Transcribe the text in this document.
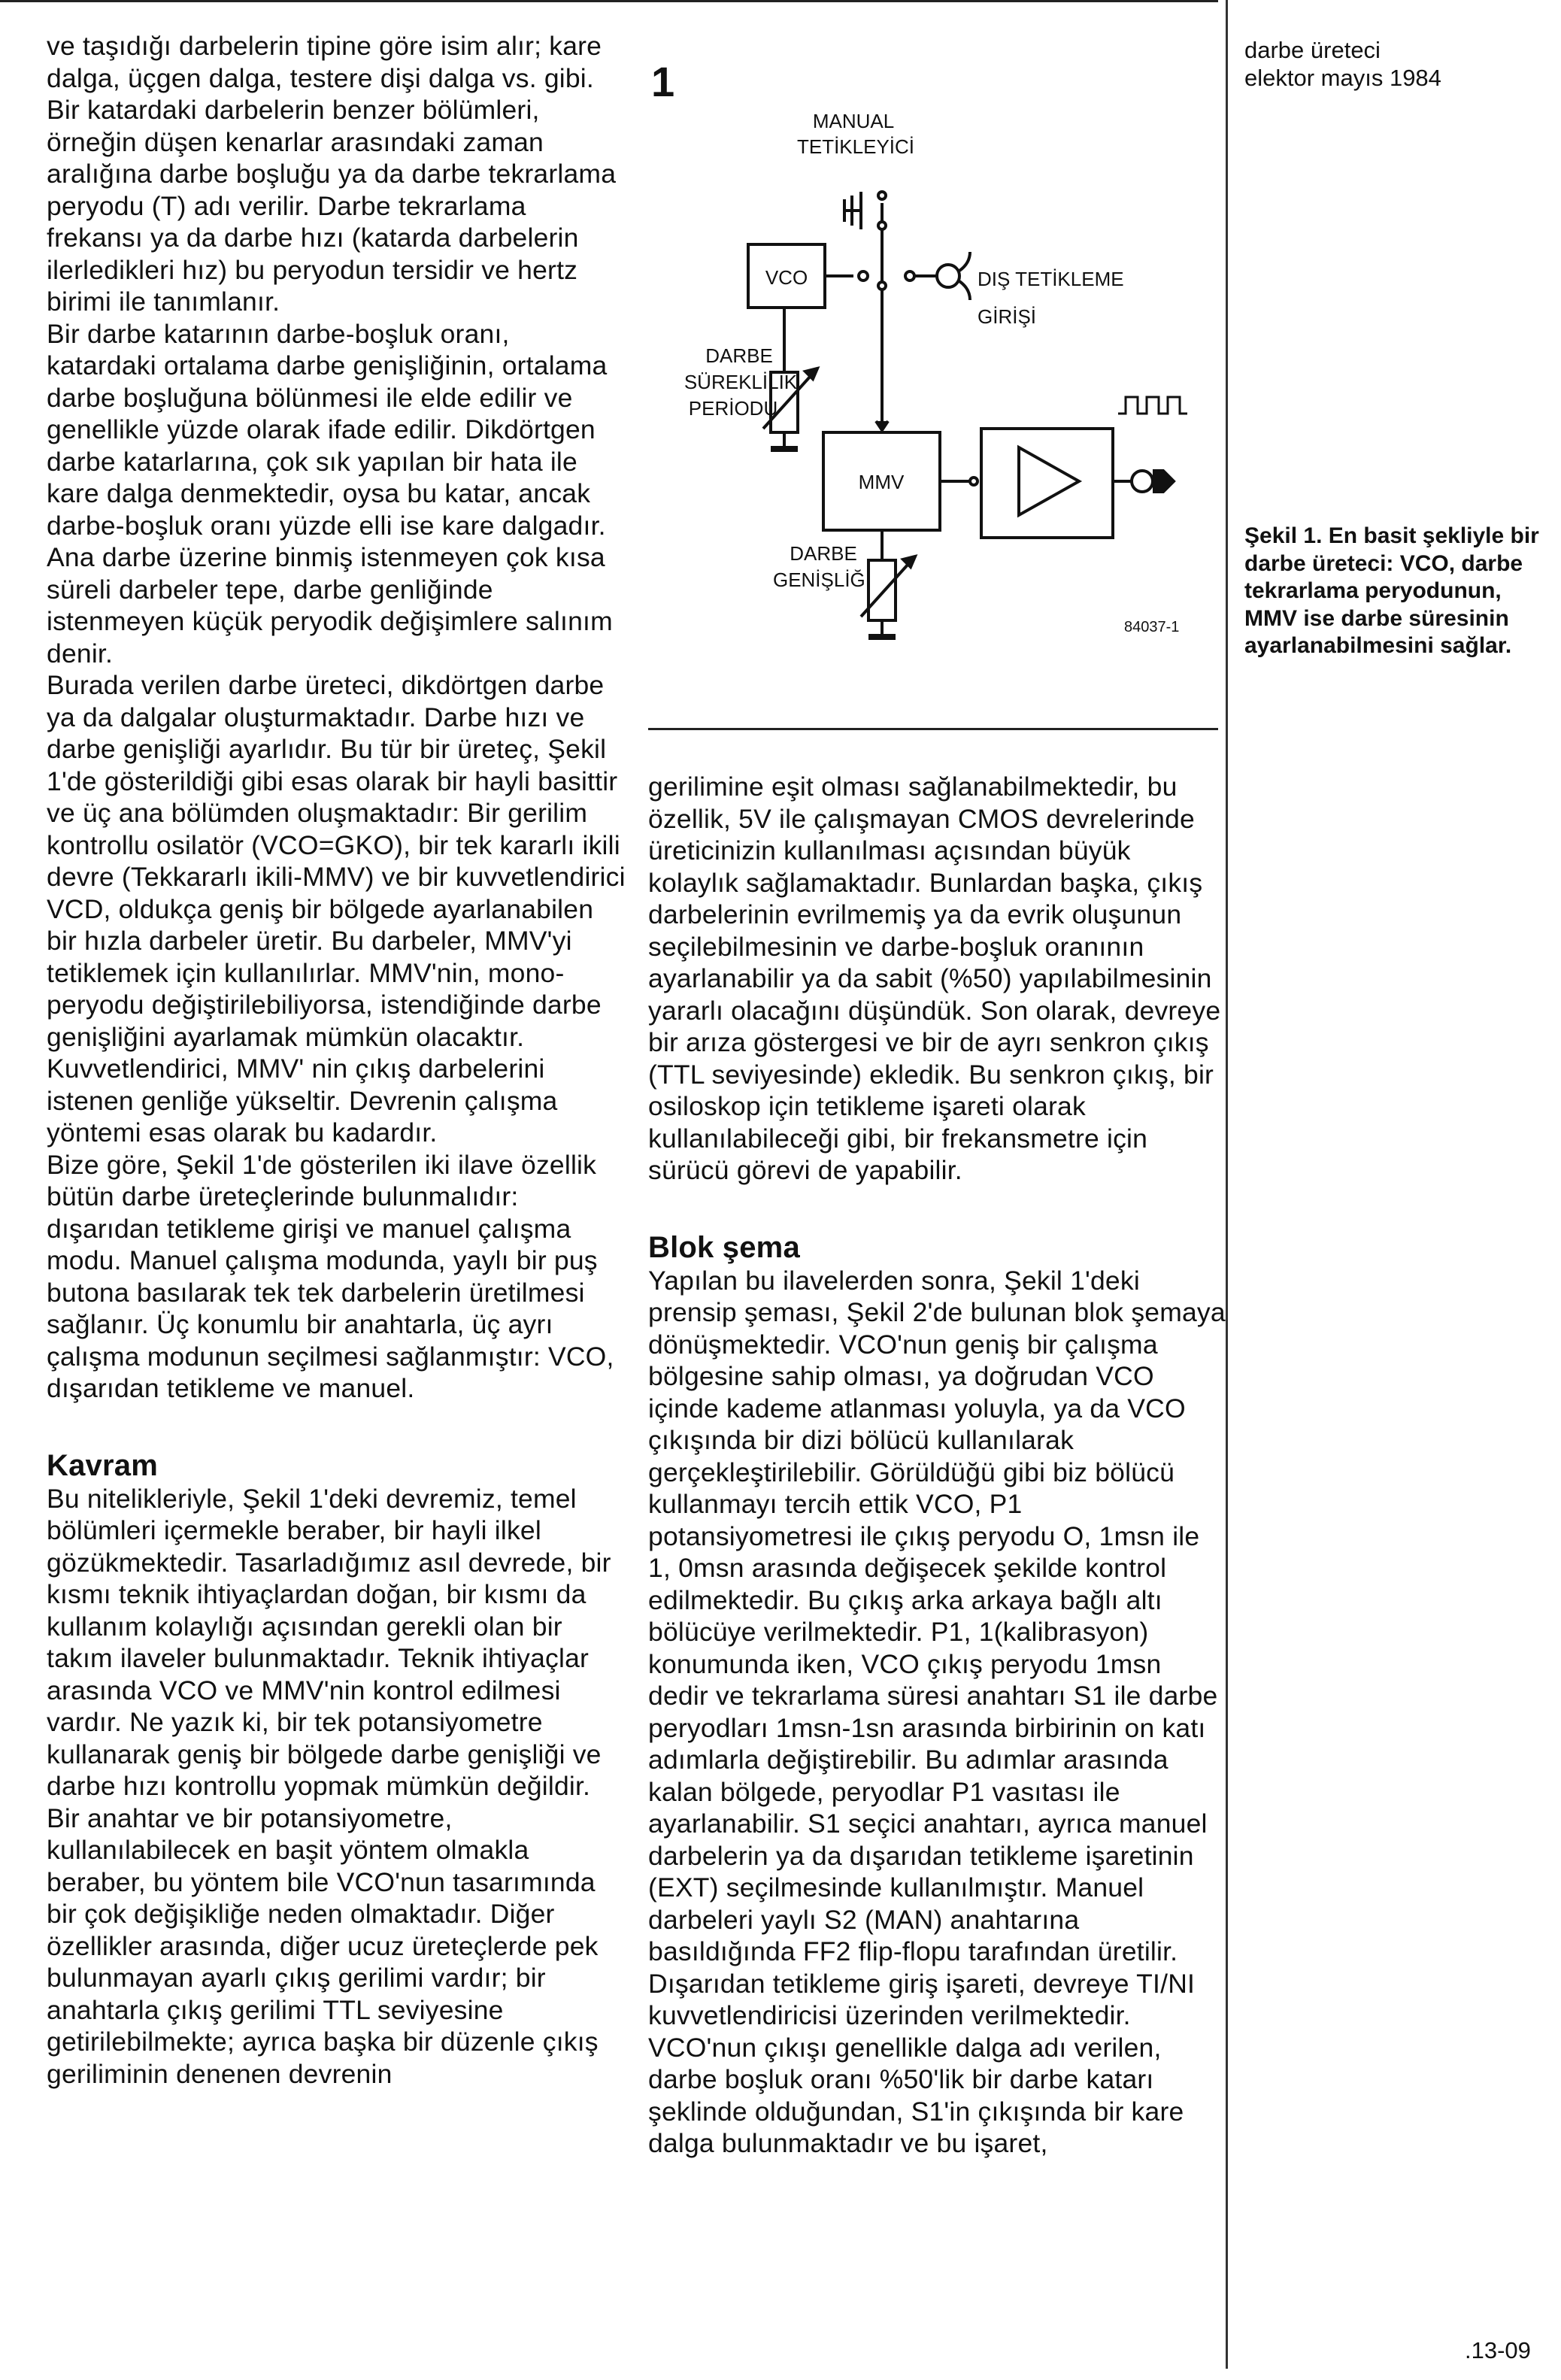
ve taşıdığı darbelerin tipine göre isim alır; kare dalga, üçgen dalga, testere dişi dalga vs. gibi. Bir katardaki darbelerin benzer bölümleri, örneğin düşen kenarlar arasındaki zaman aralığına darbe boşluğu ya da darbe tekrarlama peryodu (T) adı verilir. Darbe tekrarlama frekansı ya da darbe hızı (katarda darbelerin ilerledikleri hız) bu peryodun tersidir ve hertz birimi ile tanımlanır.

Bir darbe katarının darbe-boşluk oranı, katardaki ortalama darbe genişliğinin, ortalama darbe boşluğuna bölünmesi ile elde edilir ve genellikle yüzde olarak ifade edilir. Dikdörtgen darbe katarlarına, çok sık yapılan bir hata ile kare dalga denmektedir, oysa bu katar, ancak darbe-boşluk oranı yüzde elli ise kare dalgadır. Ana darbe üzerine binmiş istenmeyen çok kısa süreli darbeler tepe, darbe genliğinde istenmeyen küçük peryodik değişimlere salınım denir.

Burada verilen darbe üreteci, dikdörtgen darbe ya da dalgalar oluşturmaktadır. Darbe hızı ve darbe genişliği ayarlıdır. Bu tür bir üreteç, Şekil 1'de gösterildiği gibi esas olarak bir hayli basittir ve üç ana bölümden oluşmaktadır: Bir gerilim kontrollu osilatör (VCO=GKO), bir tek kararlı ikili devre (Tekkararlı ikili-MMV) ve bir kuvvetlendirici VCD, oldukça geniş bir bölgede ayarlanabilen bir hızla darbeler üretir. Bu darbeler, MMV'yi tetiklemek için kullanılırlar. MMV'nin, mono-peryodu değiştirilebiliyorsa, istendiğinde darbe genişliğini ayarlamak mümkün olacaktır. Kuvvetlendirici, MMV' nin çıkış darbelerini istenen genliğe yükseltir. Devrenin çalışma yöntemi esas olarak bu kadardır.

Bize göre, Şekil 1'de gösterilen iki ilave özellik bütün darbe üreteçlerinde bulunmalıdır: dışarıdan tetikleme girişi ve manuel çalışma modu. Manuel çalışma modunda, yaylı bir puş butona basılarak tek tek darbelerin üretilmesi sağlanır. Üç konumlu bir anahtarla, üç ayrı çalışma modunun seçilmesi sağlanmıştır: VCO, dışarıdan tetikleme ve manuel.

Kavram

Bu nitelikleriyle, Şekil 1'deki devremiz, temel bölümleri içermekle beraber, bir hayli ilkel gözükmektedir. Tasarladığımız asıl devrede, bir kısmı teknik ihtiyaçlardan doğan, bir kısmı da kullanım kolaylığı açısından gerekli olan bir takım ilaveler bulunmaktadır. Teknik ihtiyaçlar arasında VCO ve MMV'nin kontrol edilmesi vardır. Ne yazık ki, bir tek potansiyometre kullanarak geniş bir bölgede darbe genişliği ve darbe hızı kontrollu yopmak mümkün değildir. Bir anahtar ve bir potansiyometre, kullanılabilecek en başit yöntem olmakla beraber, bu yöntem bile VCO'nun tasarımında bir çok değişikliğe neden olmaktadır. Diğer özellikler arasında, diğer ucuz üreteçlerde pek bulunmayan ayarlı çıkış gerilimi vardır; bir anahtarla çıkış gerilimi TTL seviyesine getirilebilmekte; ayrıca başka bir düzenle çıkış geriliminin denenen devrenin

1
MANUAL
TETİKLEYİCİ
VCO	DIŞ TETİKLEME
GİRİŞİ
DARBE
SÜREKLİLİK
PERİODU
MMV
DARBE
GENİŞLİĞİ
84037-1

gerilimine eşit olması sağlanabilmektedir, bu özellik, 5V ile çalışmayan CMOS devrelerinde üreticinizin kullanılması açısından büyük kolaylık sağlamaktadır. Bunlardan başka, çıkış darbelerinin evrilmemiş ya da evrik oluşunun seçilebilmesinin ve darbe-boşluk oranının ayarlanabilir ya da sabit (%50) yapılabilmesinin yararlı olacağını düşündük. Son olarak, devreye bir arıza göstergesi ve bir de ayrı senkron çıkış (TTL seviyesinde) ekledik. Bu senkron çıkış, bir osiloskop için tetikleme işareti olarak kullanılabileceği gibi, bir frekansmetre için sürücü görevi de yapabilir.

Blok şema

Yapılan bu ilavelerden sonra, Şekil 1'deki prensip şeması, Şekil 2'de bulunan blok şemaya dönüşmektedir. VCO'nun geniş bir çalışma bölgesine sahip olması, ya doğrudan VCO içinde kademe atlanması yoluyla, ya da VCO çıkışında bir dizi bölücü kullanılarak gerçekleştirilebilir. Görüldüğü gibi biz bölücü kullanmayı tercih ettik VCO, P1 potansiyometresi ile çıkış peryodu O, 1msn ile 1, 0msn arasında değişecek şekilde kontrol edilmektedir. Bu çıkış arka arkaya bağlı altı bölücüye verilmektedir. P1, 1(kalibrasyon) konumunda iken, VCO çıkış peryodu 1msn dedir ve tekrarlama süresi anahtarı S1 ile darbe peryodları 1msn-1sn arasında birbirinin on katı adımlarla değiştirebilir. Bu adımlar arasında kalan bölgede, peryodlar P1 vasıtası ile ayarlanabilir. S1 seçici anahtarı, ayrıca manuel darbelerin ya da dışarıdan tetikleme işaretinin (EXT) seçilmesinde kullanılmıştır. Manuel darbeleri yaylı S2 (MAN) anahtarına basıldığında FF2 flip-flopu tarafından üretilir. Dışarıdan tetikleme giriş işareti, devreye TI/NI kuvvetlendiricisi üzerinden verilmektedir. VCO'nun çıkışı genellikle dalga adı verilen, darbe boşluk oranı %50'lik bir darbe katarı şeklinde olduğundan, S1'in çıkışında bir kare dalga bulunmaktadır ve bu işaret,

darbe üreteci
elektor mayıs 1984
Şekil 1. En basit şekliyle bir darbe üreteci: VCO, darbe tekrarlama peryodunun, MMV ise darbe süresinin ayarlanabilmesini sağlar.
.13-09
